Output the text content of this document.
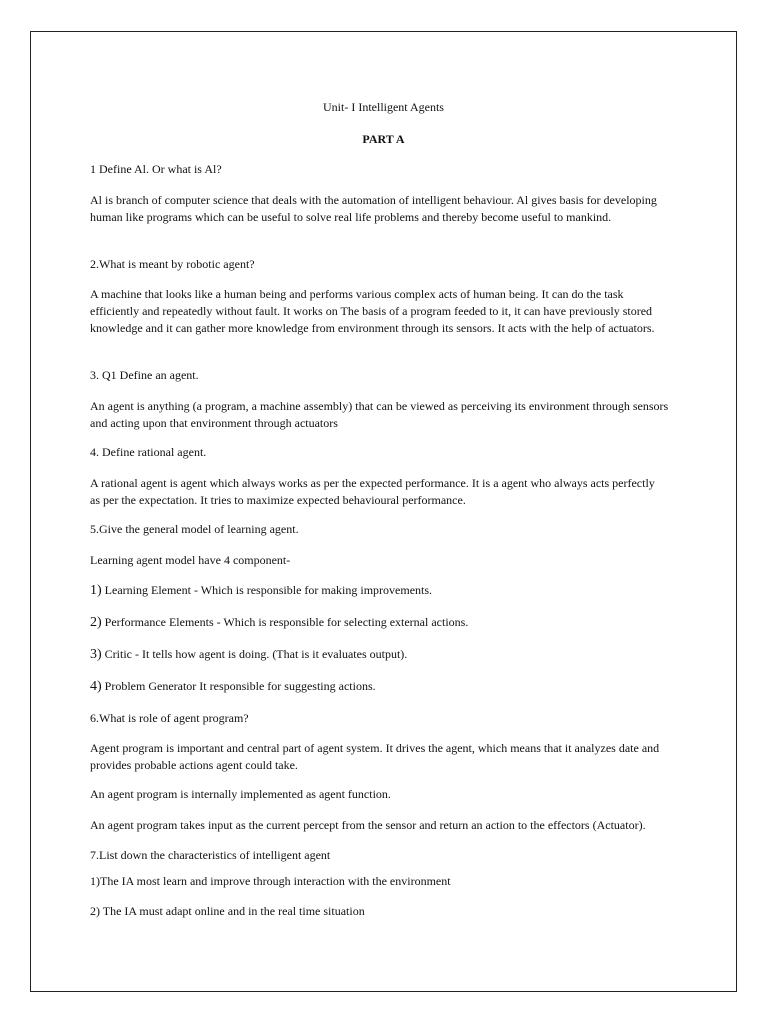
Unit- I Intelligent Agents
PART A
1 Define Al. Or what is Al?
Al is branch of computer science that deals with the automation of intelligent behaviour. Al gives basis for developing human like programs which can be useful to solve real life problems and thereby become useful to mankind.
2.What is meant by robotic agent?
A machine that looks like a human being and performs various complex acts of human being. It can do the task efficiently and repeatedly without fault. It works on The basis of a program feeded to it, it can have previously stored knowledge and it can gather more knowledge from environment through its sensors. It acts with the help of actuators.
3. Q1 Define an agent.
An agent is anything (a program, a machine assembly) that can be viewed as perceiving its environment through sensors and acting upon that environment through actuators
4. Define rational agent.
A rational agent is agent which always works as per the expected performance. It is a agent who always acts perfectly as per the expectation. It tries to maximize expected behavioural performance.
5.Give the general model of learning agent.
Learning agent model have 4 component-
1) Learning Element - Which is responsible for making improvements.
2) Performance Elements - Which is responsible for selecting external actions.
3) Critic - It tells how agent is doing. (That is it evaluates output).
4) Problem Generator It responsible for suggesting actions.
6.What is role of agent program?
Agent program is important and central part of agent system. It drives the agent, which means that it analyzes date and provides probable actions agent could take.
An agent program is internally implemented as agent function.
An agent program takes input as the current percept from the sensor and return an action to the effectors (Actuator).
7.List down the characteristics of intelligent agent
1)The IA most learn and improve through interaction with the environment
2) The IA must adapt online and in the real time situation
